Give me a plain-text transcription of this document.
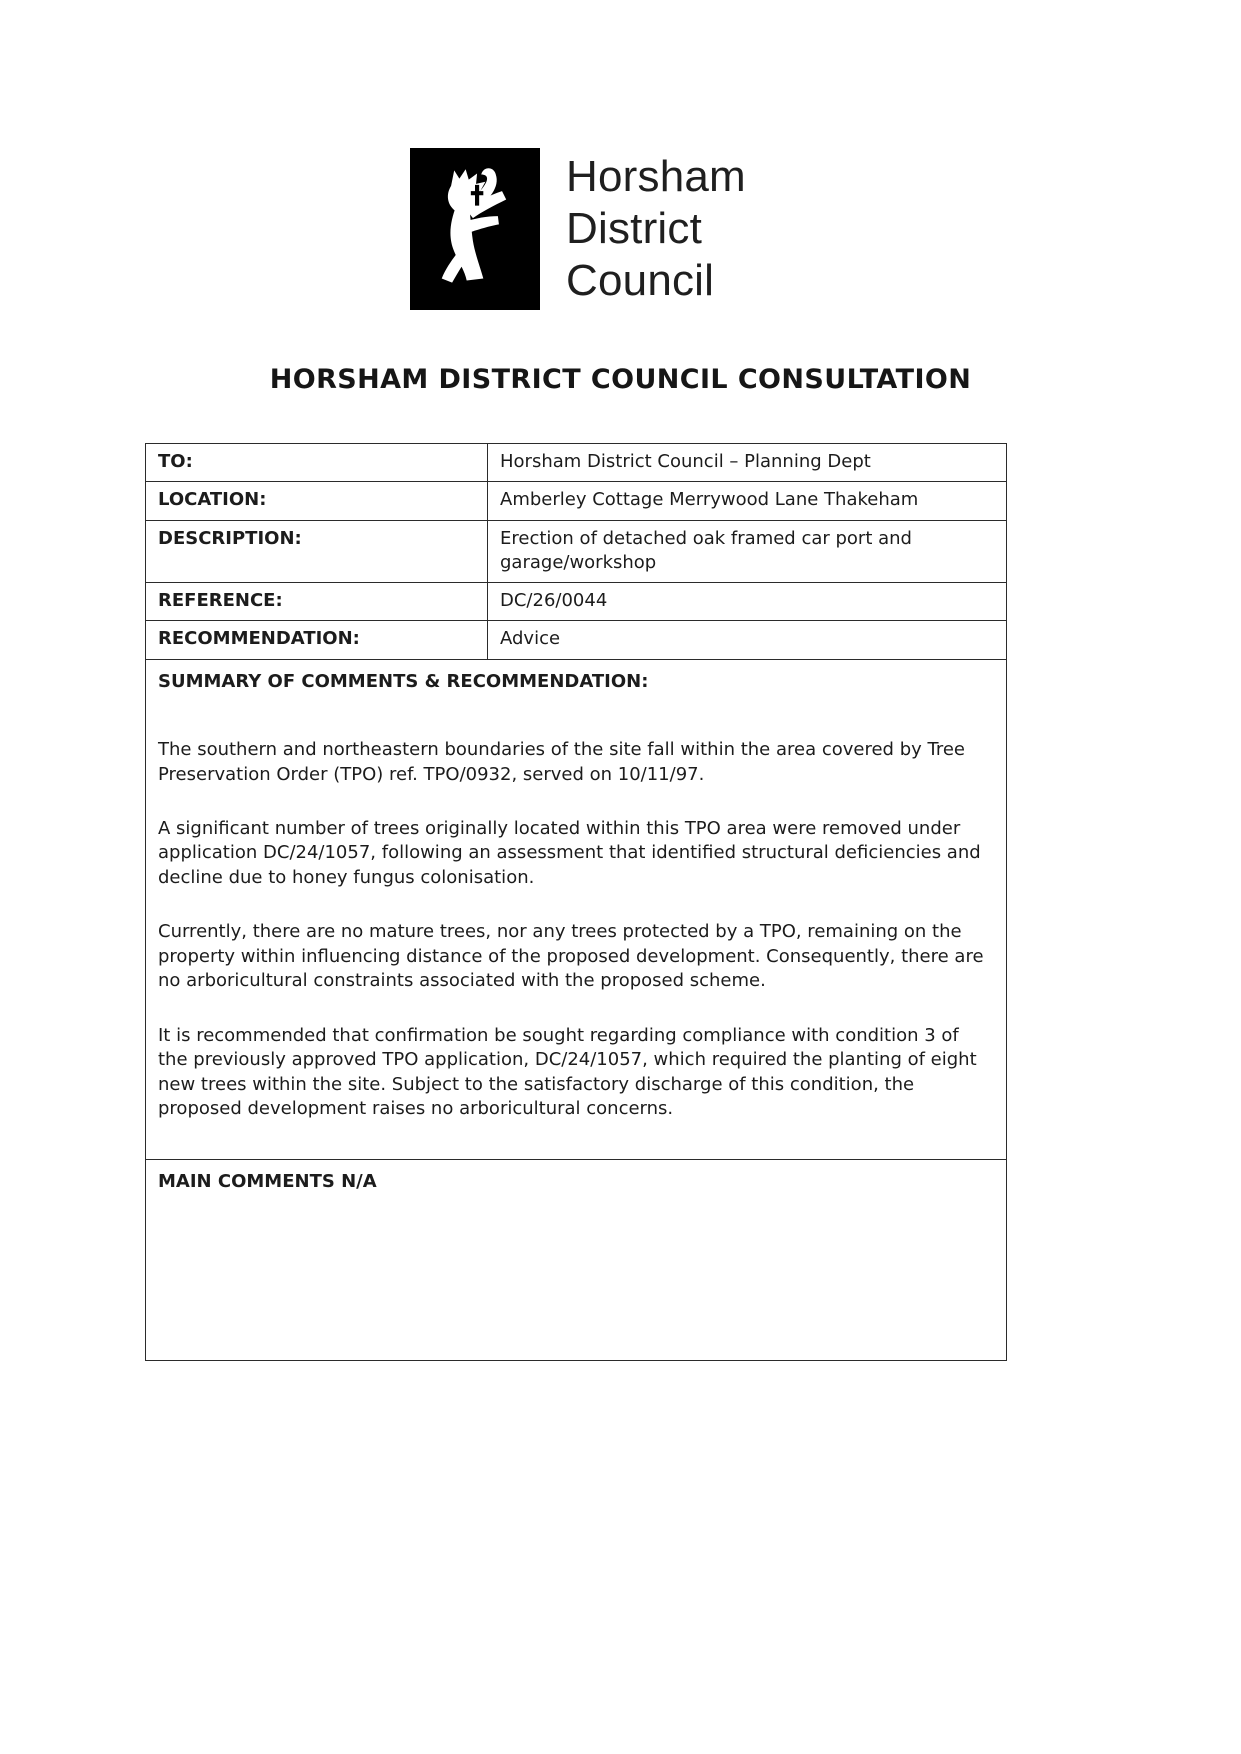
Horsham
District
Council
HORSHAM DISTRICT COUNCIL CONSULTATION
TO:	Horsham District Council – Planning Dept
LOCATION:	Amberley Cottage Merrywood Lane Thakeham
DESCRIPTION:	Erection of detached oak framed car port and garage/workshop
REFERENCE:	DC/26/0044
RECOMMENDATION:	Advice

SUMMARY OF COMMENTS & RECOMMENDATION:

The southern and northeastern boundaries of the site fall within the area covered by Tree Preservation Order (TPO) ref. TPO/0932, served on 10/11/97.

A significant number of trees originally located within this TPO area were removed under application DC/24/1057, following an assessment that identified structural deficiencies and decline due to honey fungus colonisation.

Currently, there are no mature trees, nor any trees protected by a TPO, remaining on the property within influencing distance of the proposed development. Consequently, there are no arboricultural constraints associated with the proposed scheme.

It is recommended that confirmation be sought regarding compliance with condition 3 of the previously approved TPO application, DC/24/1057, which required the planting of eight new trees within the site. Subject to the satisfactory discharge of this condition, the proposed development raises no arboricultural concerns.	

MAIN COMMENTS N/A	
